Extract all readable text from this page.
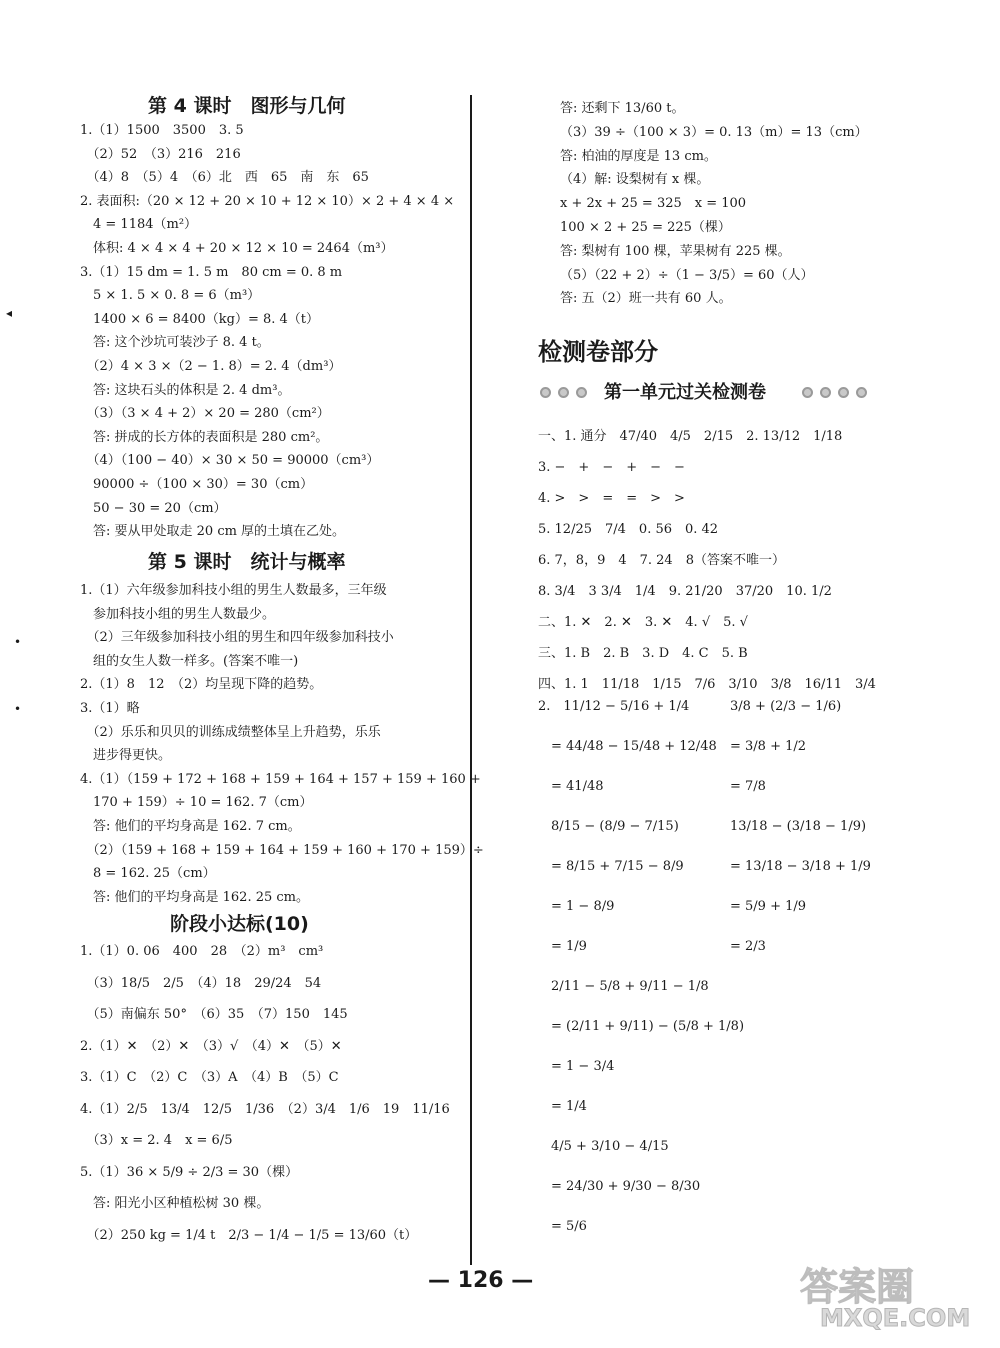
◂
•
•
第 4 课时　图形与几何
1.（1）1500　3500　3. 5
　（2）52　（3）216　216
　（4）8　（5）4　（6）北　西　65　南　东　65
2. 表面积:（20 × 12 + 20 × 10 + 12 × 10）× 2 + 4 × 4 ×
　4 = 1184（m²）
　体积: 4 × 4 × 4 + 20 × 12 × 10 = 2464（m³）
3.（1）15 dm = 1. 5 m　80 cm = 0. 8 m
　5 × 1. 5 × 0. 8 = 6（m³）
　1400 × 6 = 8400（kg）= 8. 4（t）
　答: 这个沙坑可装沙子 8. 4 t。
　（2）4 × 3 ×（2 − 1. 8）= 2. 4（dm³）
　答: 这块石头的体积是 2. 4 dm³。
　（3）（3 × 4 + 2）× 20 = 280（cm²）
　答: 拼成的长方体的表面积是 280 cm²。
　（4）（100 − 40）× 30 × 50 = 90000（cm³）
　90000 ÷（100 × 30）= 30（cm）
　50 − 30 = 20（cm）
　答: 要从甲处取走 20 cm 厚的土填在乙处。
第 5 课时　统计与概率
1.（1）六年级参加科技小组的男生人数最多，三年级
　参加科技小组的男生人数最少。
　（2）三年级参加科技小组的男生和四年级参加科技小
　组的女生人数一样多。(答案不唯一)
2.（1）8　12　（2）均呈现下降的趋势。
3.（1）略
　（2）乐乐和贝贝的训练成绩整体呈上升趋势，乐乐
　进步得更快。
4.（1）（159 + 172 + 168 + 159 + 164 + 157 + 159 + 160 +
　170 + 159）÷ 10 = 162. 7（cm）
　答: 他们的平均身高是 162. 7 cm。
　（2）（159 + 168 + 159 + 164 + 159 + 160 + 170 + 159）÷
　8 = 162. 25（cm）
　答: 他们的平均身高是 162. 25 cm。
阶段小达标(10)
1.（1）0. 06　400　28　（2）m³　cm³
　（3）18/5　2/5　（4）18　29/24　54
　（5）南偏东 50°　（6）35　（7）150　145
2.（1）✕　（2）✕　（3）√　（4）✕　（5）✕
3.（1）C　（2）C　（3）A　（4）B　（5）C
4.（1）2/5　13/4　12/5　1/36　（2）3/4　1/6　19　11/16
　（3）x = 2. 4　x = 6/5
5.（1）36 × 5/9 ÷ 2/3 = 30（棵）
　答: 阳光小区种植松树 30 棵。
　（2）250 kg = 1/4 t　2/3 − 1/4 − 1/5 = 13/60（t）
答: 还剩下 13/60 t。
（3）39 ÷（100 × 3）= 0. 13（m）= 13（cm）
答: 柏油的厚度是 13 cm。
（4）解: 设梨树有 x 棵。
x + 2x + 25 = 325　x = 100
100 × 2 + 25 = 225（棵）
答: 梨树有 100 棵，苹果树有 225 棵。
（5）（22 + 2）÷（1 − 3/5）= 60（人）
答: 五（2）班一共有 60 人。
检测卷部分
第一单元过关检测卷
一、1. 通分　47/40　4/5　2/15　2. 13/12　1/18
3. −　+　−　+　−　−
4. >　>　=　=　>　>
5. 12/25　7/4　0. 56　0. 42
6. 7，8，9　4　7. 24　8（答案不唯一）
8. 3/4　3 3/4　1/4　9. 21/20　37/20　10. 1/2
二、1. ✕　2. ✕　3. ✕　4. √　5. √
三、1. B　2. B　3. D　4. C　5. B
四、1. 1　11/18　1/15　7/6　3/10　3/8　16/11　3/4
2.　11/12 − 5/16 + 1/4
　= 44/48 − 15/48 + 12/48
　= 41/48
　8/15 − (8/9 − 7/15)
　= 8/15 + 7/15 − 8/9
　= 1 − 8/9
　= 1/9
　2/11 − 5/8 + 9/11 − 1/8
　= (2/11 + 9/11) − (5/8 + 1/8)
　= 1 − 3/4
　= 1/4
　4/5 + 3/10 − 4/15
　= 24/30 + 9/30 − 8/30
　= 5/6
3/8 + (2/3 − 1/6)
= 3/8 + 1/2
= 7/8
13/18 − (3/18 − 1/9)
= 13/18 − 3/18 + 1/9
= 5/9 + 1/9
= 2/3
— 126 —	答案圈
MXQE.COM
